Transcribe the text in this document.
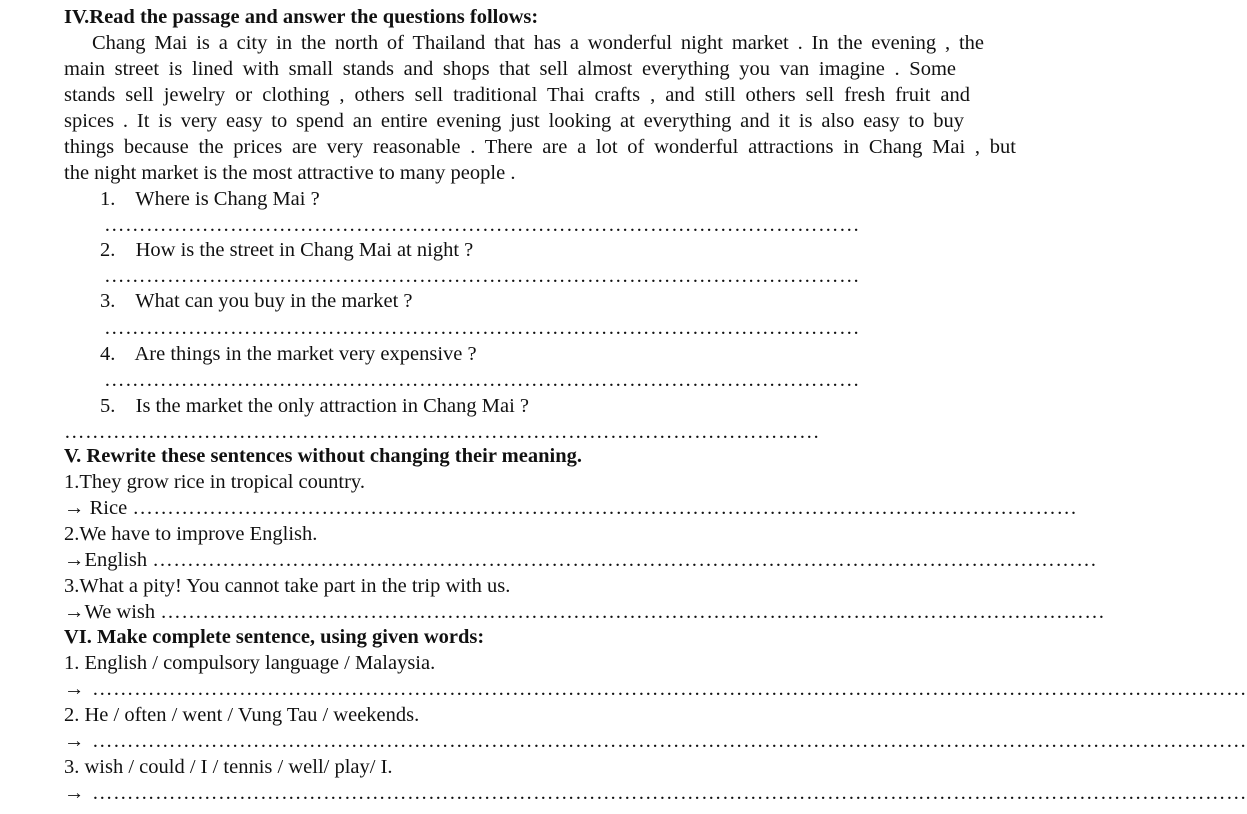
IV.Read the passage and answer the questions follows:
Chang Mai is a city in the north of Thailand that has a wonderful night market . In the evening , the
main street is lined with small stands and shops that sell almost everything you van imagine . Some
stands sell jewelry or clothing , others sell traditional Thai crafts , and still others sell fresh fruit and
spices . It is very easy to spend an entire evening just looking at everything and it is also easy to buy
things because the prices are very reasonable . There are a lot of wonderful attractions in Chang Mai , but
the night market is the most attractive to many people .
1. Where is Chang Mai ?
………………………………………………………………………………………………
2. How is the street in Chang Mai at night ?
………………………………………………………………………………………………
3. What can you buy in the market ?
………………………………………………………………………………………………
4. Are things in the market very expensive ?
………………………………………………………………………………………………
5. Is the market the only attraction in Chang Mai ?
………………………………………………………………………………………………
V. Rewrite these sentences without changing their meaning.
1.They grow rice in tropical country.
→ Rice ………………………………………………………………………………………………………………………
2.We have to improve English.
→English ………………………………………………………………………………………………………………………
3.What a pity! You cannot take part in the trip with us.
→We wish ………………………………………………………………………………………………………………………
VI. Make complete sentence, using given words:
1. English / compulsory language / Malaysia.
→ …………………………………………………………………………………………………………………………………………………
2. He / often / went / Vung Tau / weekends.
→ …………………………………………………………………………………………………………………………………………………
3. wish / could / I / tennis / well/ play/ I.
→ …………………………………………………………………………………………………………………………………………………
